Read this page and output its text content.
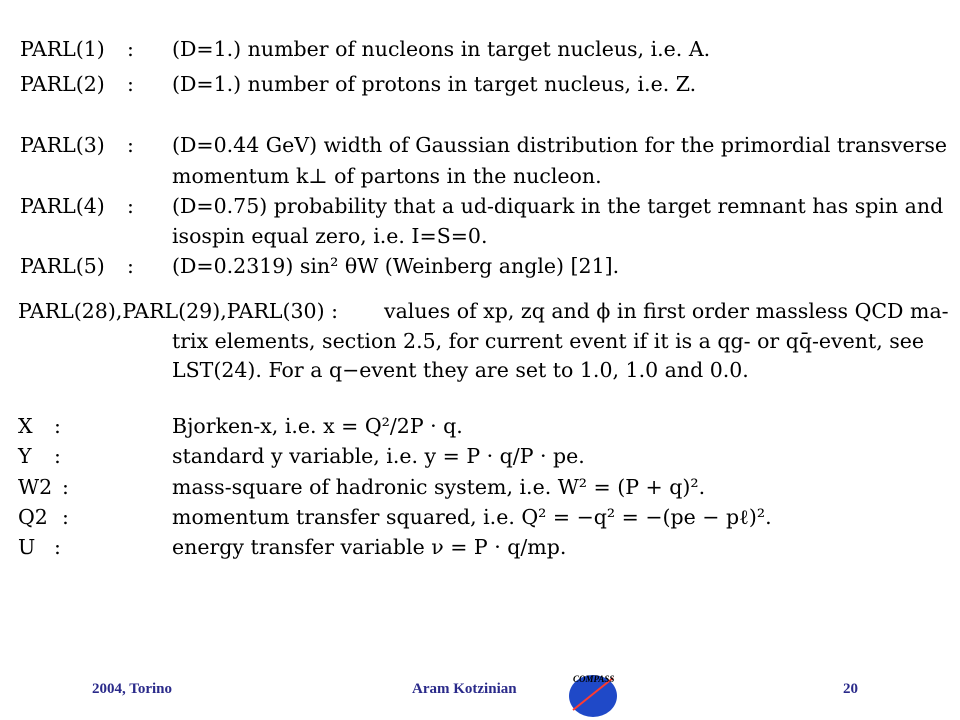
PARL(1) : (D=1.) number of nucleons in target nucleus, i.e. A.
PARL(2) : (D=1.) number of protons in target nucleus, i.e. Z.
PARL(3) : (D=0.44 GeV) width of Gaussian distribution for the primordial transverse
momentum k⊥ of partons in the nucleon.
PARL(4) : (D=0.75) probability that a ud-diquark in the target remnant has spin and
isospin equal zero, i.e. I=S=0.
PARL(5) : (D=0.2319) sin² θW (Weinberg angle) [21].
PARL(28),PARL(29),PARL(30) : values of xp, zq and ϕ in first order massless QCD ma-
trix elements, section 2.5, for current event if it is a qg- or qq̄-event, see
LST(24). For a q−event they are set to 1.0, 1.0 and 0.0.
X :	Bjorken-x, i.e. x = Q²/2P · q.
Y :	standard y variable, i.e. y = P · q/P · pe.
W2 :	mass-square of hadronic system, i.e. W² = (P + q)².
Q2 :	momentum transfer squared, i.e. Q² = −q² = −(pe − pℓ)².
U :	energy transfer variable ν = P · q/mp.
2004, Torino	Aram Kotzinian	20
COMPASS
